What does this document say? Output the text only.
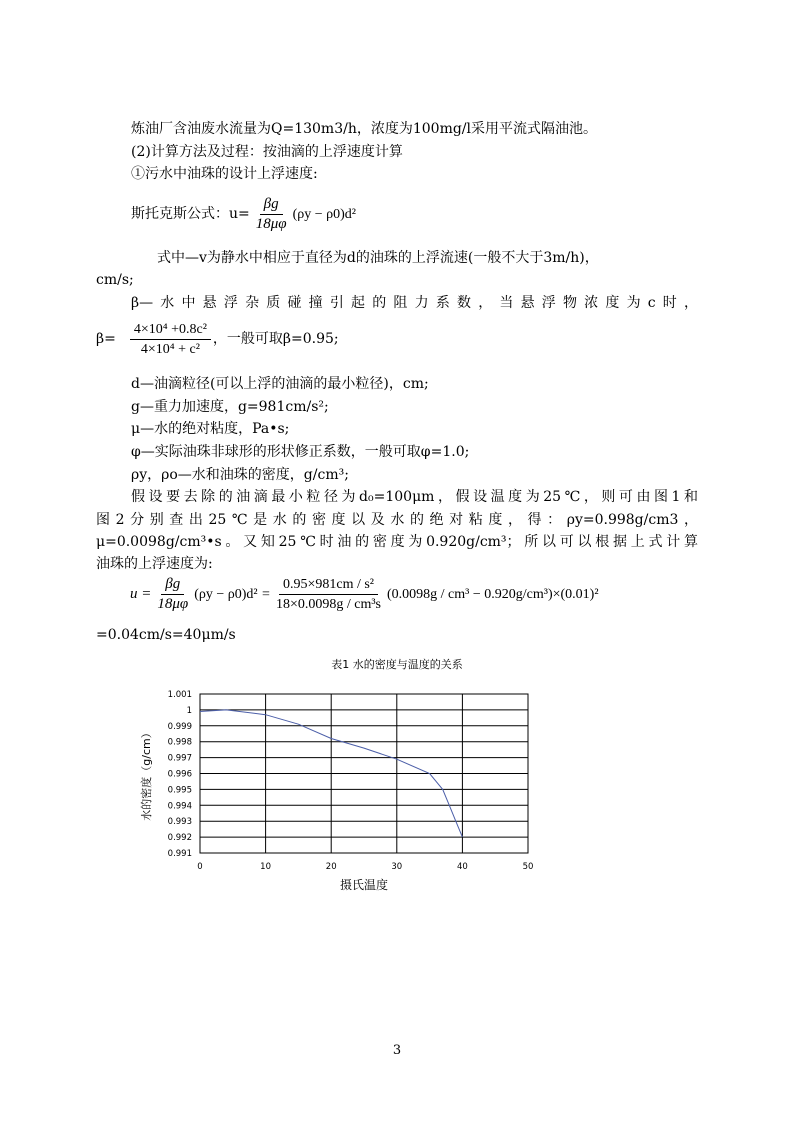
炼油厂含油废水流量为Q=130m3/h，浓度为100mg/l采用平流式隔油池。
(2)计算方法及过程：按油滴的上浮速度计算
①污水中油珠的设计上浮速度:
斯托克斯公式：$u= \frac{\beta g}{18\mu\varphi} (\rho y - \rho 0)d^2$
式中—v为静水中相应于直径为d的油珠的上浮流速(一般不大于3m/h)，
cm/s;
β—水中悬浮杂质碰撞引起的阻力系数，当悬浮物浓度为c时，
$\beta= \frac{\text{4×10⁴ +0.8c²}}{\text{4×10⁴ + c²}}$ ，一般可取β=0.95;
d—油滴粒径(可以上浮的油滴的最小粒径)，cm;
g—重力加速度，g=981cm/s²;
μ—水的绝对粘度，Pa•s;
φ—实际油珠非球形的形状修正系数，一般可取φ=1.0;
ρy，ρo—水和油珠的密度，g/cm³;
假设要去除的油滴最小粒径为d₀=100μm，假设温度为25℃，则可由图1和
图2分别查出25℃是水的密度以及水的绝对粘度，得：ρy=0.998g/cm3，
μ=0.0098g/cm³•s。又知25℃时油的密度为0.920g/cm³；所以可以根据上式计算
油珠的上浮速度为:
$u = \frac{\beta g}{18\mu\varphi} (\rho y - \rho 0)d^2 = \frac{\text{0.95×981cm / s²}}{\text{18×0.0098g / cm³s}} (0.0098g / cm^3 - 0.920g/cm^3)\times(0.01)^2$
=0.04cm/s=40μm/s
表1 水的密度与温度的关系
0.991
0.992
0.993
0.994
0.995
0.996
0.997
0.998
0.999
1
1.001
0	10	20	30	40	50
水的密度（g/cm）
摄氏温度
3
